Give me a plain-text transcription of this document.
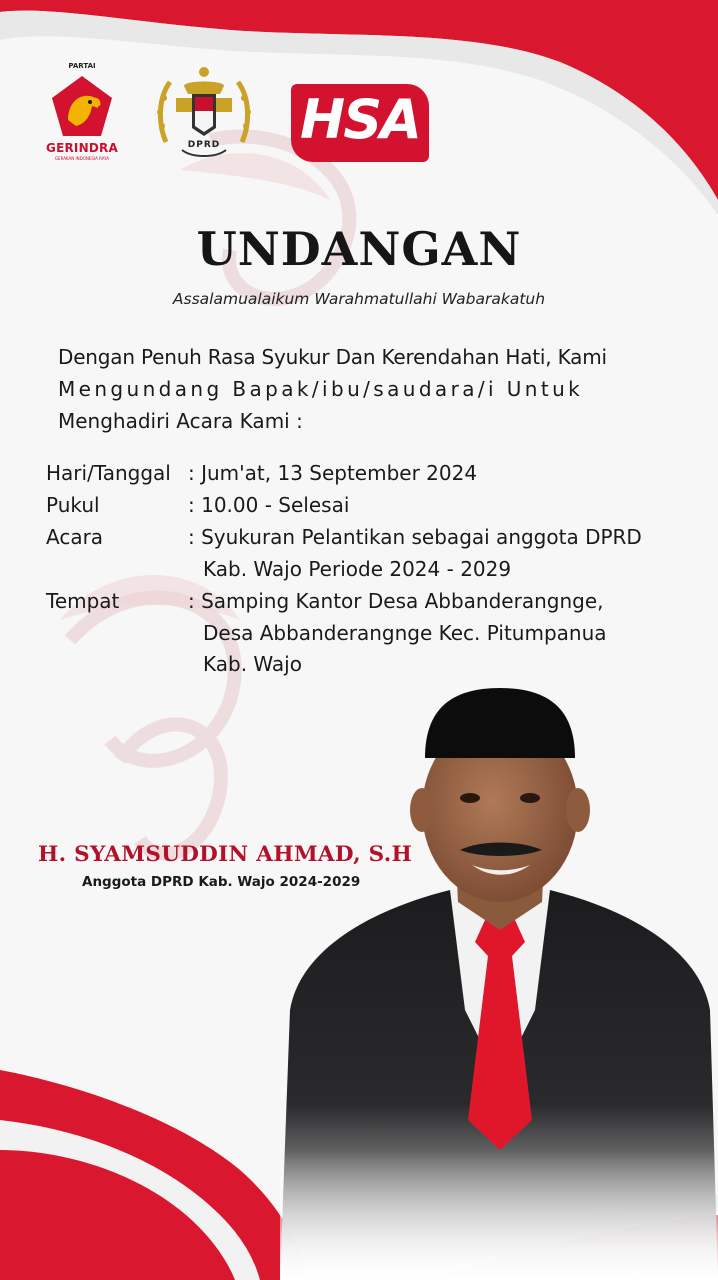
PARTAI
GERINDRA
GERAKAN INDONESIA RAYA
DPRD	HSA
UNDANGAN
Assalamualaikum Warahmatullahi Wabarakatuh
Dengan Penuh Rasa Syukur Dan Kerendahan Hati, Kami
Mengundang Bapak/ibu/saudara/i Untuk
Menghadiri Acara Kami :
Hari/Tanggal : Jum'at, 13 September 2024
Pukul	: 10.00 - Selesai
Acara	: Syukuran Pelantikan sebagai anggota DPRD
Kab. Wajo Periode 2024 - 2029
Tempat	: Samping Kantor Desa Abbanderangnge,
Desa Abbanderangnge Kec. Pitumpanua
Kab. Wajo
H. SYAMSUDDIN AHMAD, S.H
Anggota DPRD Kab. Wajo 2024-2029
